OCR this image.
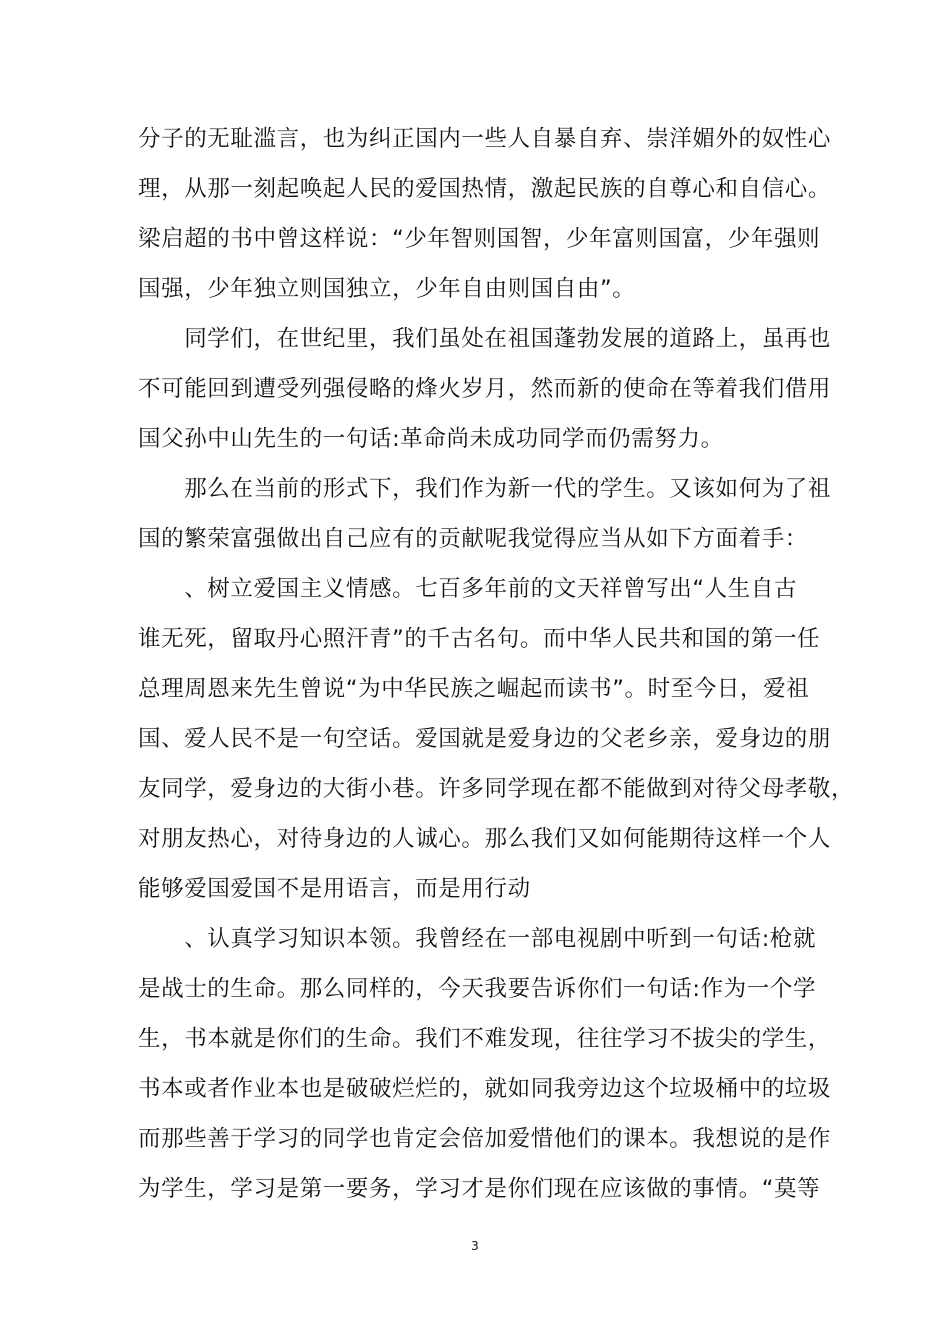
分子的无耻滥言，也为纠正国内一些人自暴自弃、崇洋媚外的奴性心
理，从那一刻起唤起人民的爱国热情，激起民族的自尊心和自信心。
梁启超的书中曾这样说：“少年智则国智，少年富则国富，少年强则
国强，少年独立则国独立，少年自由则国自由”。
　　同学们，在世纪里，我们虽处在祖国蓬勃发展的道路上，虽再也
不可能回到遭受列强侵略的烽火岁月，然而新的使命在等着我们借用
国父孙中山先生的一句话:革命尚未成功同学而仍需努力。
　　那么在当前的形式下，我们作为新一代的学生。又该如何为了祖
国的繁荣富强做出自己应有的贡献呢我觉得应当从如下方面着手：
　　、树立爱国主义情感。七百多年前的文天祥曾写出“人生自古
谁无死，留取丹心照汗青”的千古名句。而中华人民共和国的第一任
总理周恩来先生曾说“为中华民族之崛起而读书”。时至今日，爱祖
国、爱人民不是一句空话。爱国就是爱身边的父老乡亲，爱身边的朋
友同学，爱身边的大街小巷。许多同学现在都不能做到对待父母孝敬，
对朋友热心，对待身边的人诚心。那么我们又如何能期待这样一个人
能够爱国爱国不是用语言，而是用行动
　　、认真学习知识本领。我曾经在一部电视剧中听到一句话:枪就
是战士的生命。那么同样的，今天我要告诉你们一句话:作为一个学
生，书本就是你们的生命。我们不难发现，往往学习不拔尖的学生，
书本或者作业本也是破破烂烂的，就如同我旁边这个垃圾桶中的垃圾
而那些善于学习的同学也肯定会倍加爱惜他们的课本。我想说的是作
为学生，学习是第一要务，学习才是你们现在应该做的事情。“莫等
3
